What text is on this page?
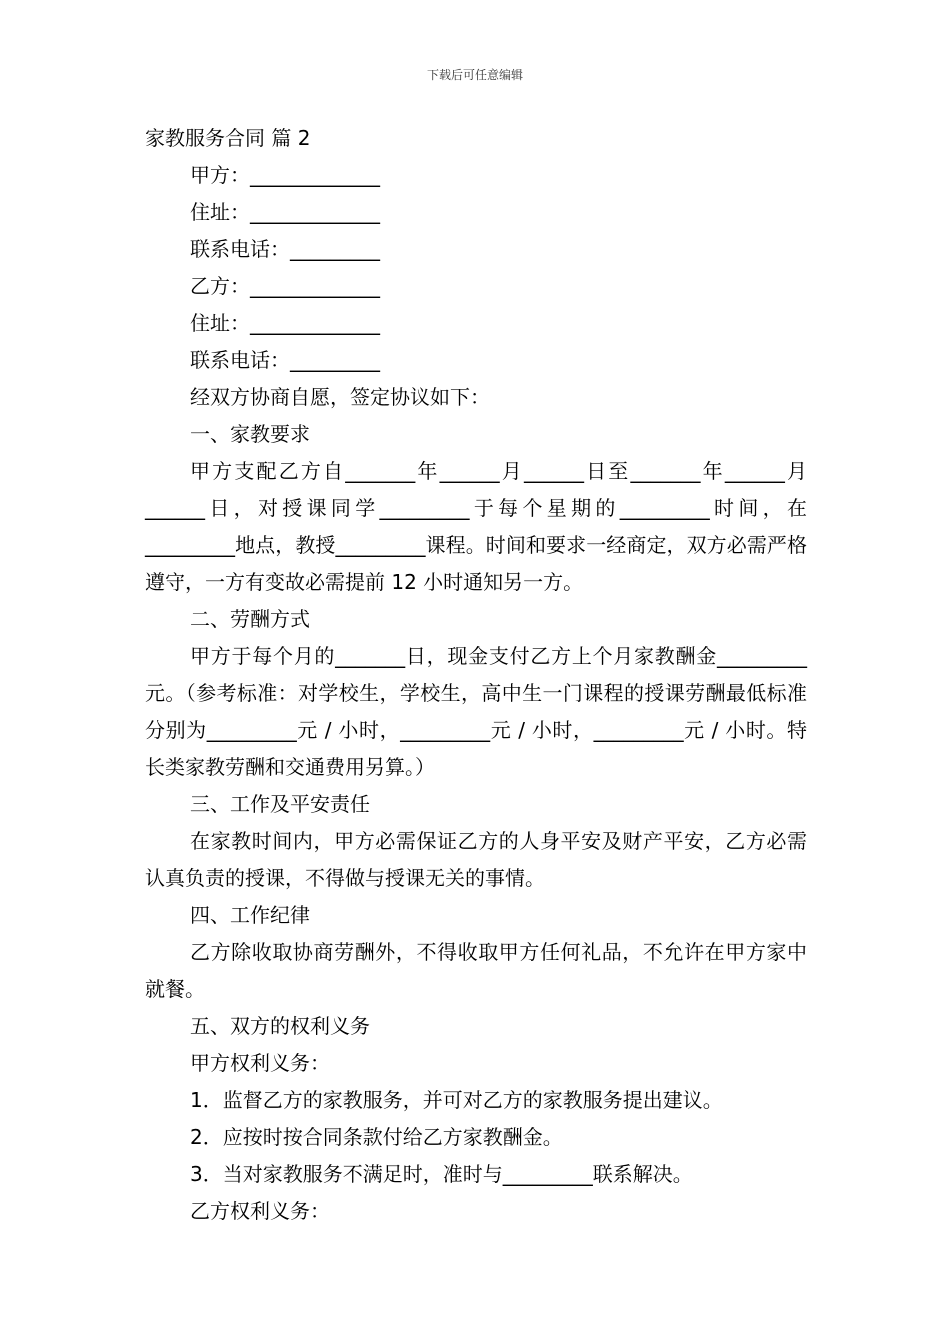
下载后可任意编辑
家教服务合同 篇 2
甲方：_____________
住址：_____________
联系电话：_________
乙方：_____________
住址：_____________
联系电话：_________
经双方协商自愿，签定协议如下：
一、家教要求
甲方支配乙方自_______年______月______日至_______年______月______日，对授课同学_________于每个星期的_________时间，在_________地点，教授_________课程。时间和要求一经商定，双方必需严格遵守，一方有变故必需提前 12 小时通知另一方。
二、劳酬方式
甲方于每个月的_______日，现金支付乙方上个月家教酬金_________元。（参考标准：对学校生，学校生，高中生一门课程的授课劳酬最低标准分别为_________元 / 小时，_________元 / 小时，_________元 / 小时。特长类家教劳酬和交通费用另算。）
三、工作及平安责任
在家教时间内，甲方必需保证乙方的人身平安及财产平安，乙方必需认真负责的授课，不得做与授课无关的事情。
四、工作纪律
乙方除收取协商劳酬外，不得收取甲方任何礼品，不允许在甲方家中就餐。
五、双方的权利义务
甲方权利义务：
1．监督乙方的家教服务，并可对乙方的家教服务提出建议。
2．应按时按合同条款付给乙方家教酬金。
3．当对家教服务不满足时，准时与_________联系解决。
乙方权利义务：
